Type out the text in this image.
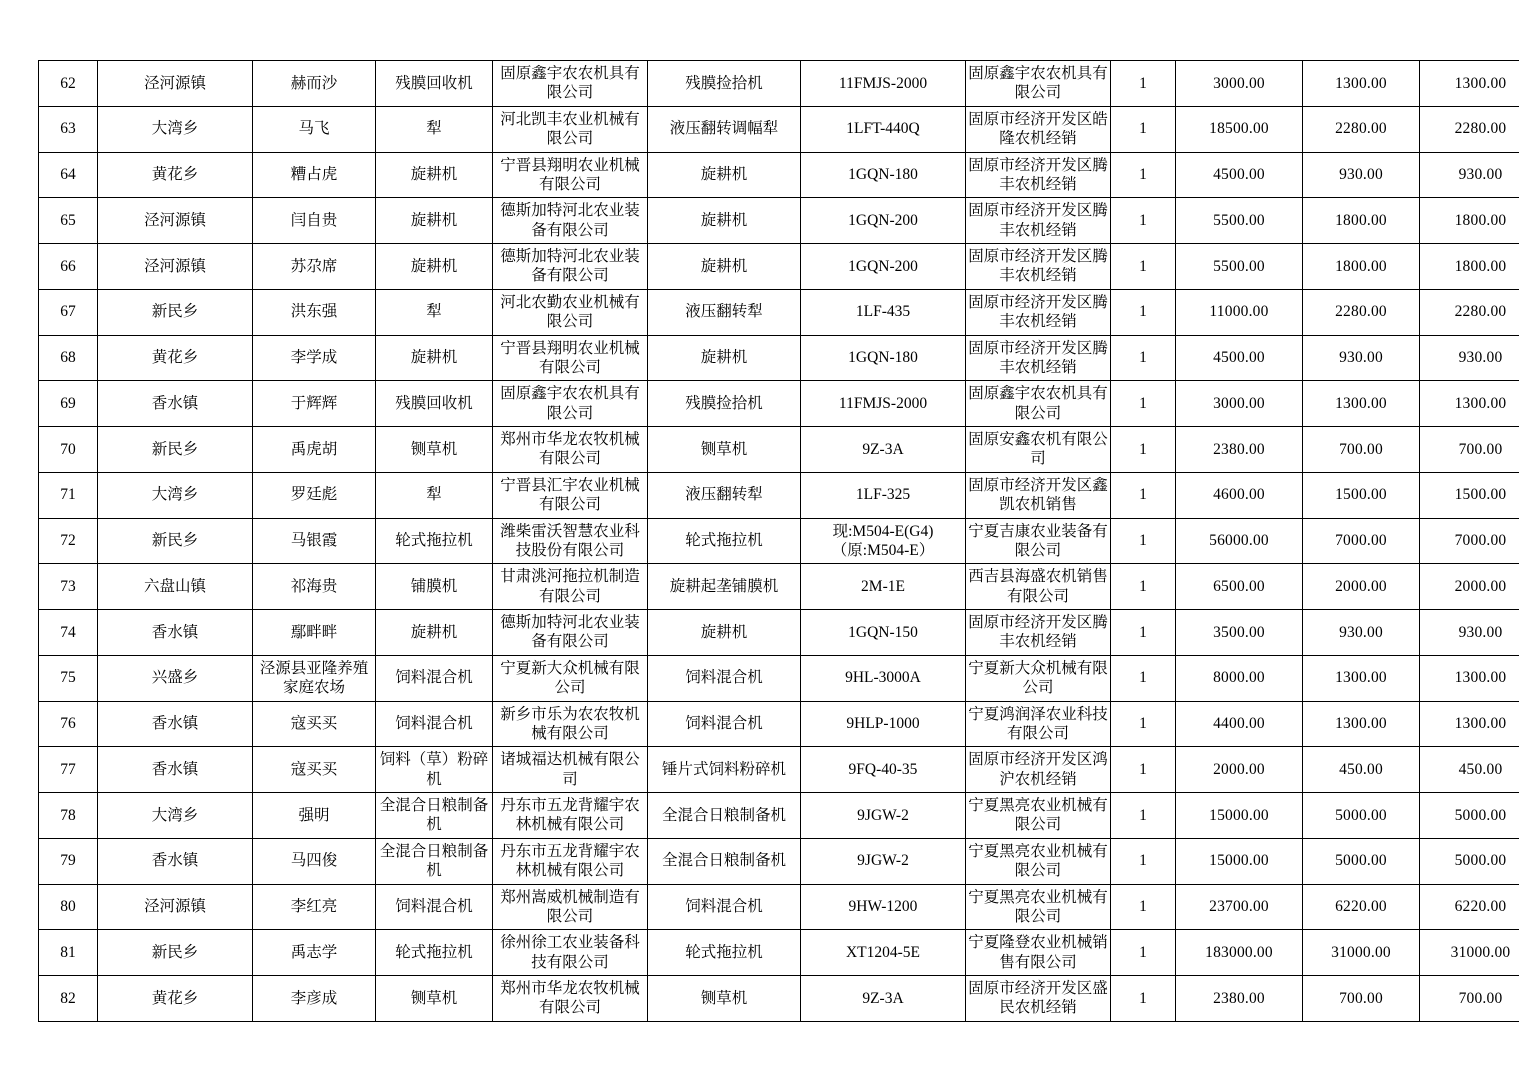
62	泾河源镇	赫而沙	残膜回收机	固原鑫宇农农机具有限公司	残膜捡拾机	11FMJS-2000	固原鑫宇农农机具有限公司	1	3000.00	1300.00	1300.00
63	大湾乡	马飞	犁	河北凯丰农业机械有限公司	液压翻转调幅犁	1LFT-440Q	固原市经济开发区皓隆农机经销	1	18500.00	2280.00	2280.00
64	黄花乡	糟占虎	旋耕机	宁晋县翔明农业机械有限公司	旋耕机	1GQN-180	固原市经济开发区腾丰农机经销	1	4500.00	930.00	930.00
65	泾河源镇	闫自贵	旋耕机	德斯加特河北农业装备有限公司	旋耕机	1GQN-200	固原市经济开发区腾丰农机经销	1	5500.00	1800.00	1800.00
66	泾河源镇	苏尕席	旋耕机	德斯加特河北农业装备有限公司	旋耕机	1GQN-200	固原市经济开发区腾丰农机经销	1	5500.00	1800.00	1800.00
67	新民乡	洪东强	犁	河北农勤农业机械有限公司	液压翻转犁	1LF-435	固原市经济开发区腾丰农机经销	1	11000.00	2280.00	2280.00
68	黄花乡	李学成	旋耕机	宁晋县翔明农业机械有限公司	旋耕机	1GQN-180	固原市经济开发区腾丰农机经销	1	4500.00	930.00	930.00
69	香水镇	于辉辉	残膜回收机	固原鑫宇农农机具有限公司	残膜捡拾机	11FMJS-2000	固原鑫宇农农机具有限公司	1	3000.00	1300.00	1300.00
70	新民乡	禹虎胡	铡草机	郑州市华龙农牧机械有限公司	铡草机	9Z-3A	固原安鑫农机有限公司	1	2380.00	700.00	700.00
71	大湾乡	罗廷彪	犁	宁晋县汇宇农业机械有限公司	液压翻转犁	1LF-325	固原市经济开发区鑫凯农机销售	1	4600.00	1500.00	1500.00
72	新民乡	马银霞	轮式拖拉机	潍柴雷沃智慧农业科技股份有限公司	轮式拖拉机	现:M504-E(G4)（原:M504-E）	宁夏吉康农业装备有限公司	1	56000.00	7000.00	7000.00
73	六盘山镇	祁海贵	铺膜机	甘肃洮河拖拉机制造有限公司	旋耕起垄铺膜机	2M-1E	西吉县海盛农机销售有限公司	1	6500.00	2000.00	2000.00
74	香水镇	鄢畔畔	旋耕机	德斯加特河北农业装备有限公司	旋耕机	1GQN-150	固原市经济开发区腾丰农机经销	1	3500.00	930.00	930.00
75	兴盛乡	泾源县亚隆养殖家庭农场	饲料混合机	宁夏新大众机械有限公司	饲料混合机	9HL-3000A	宁夏新大众机械有限公司	1	8000.00	1300.00	1300.00
76	香水镇	寇买买	饲料混合机	新乡市乐为农农牧机械有限公司	饲料混合机	9HLP-1000	宁夏鸿润泽农业科技有限公司	1	4400.00	1300.00	1300.00
77	香水镇	寇买买	饲料（草）粉碎机	诸城福达机械有限公司	锤片式饲料粉碎机	9FQ-40-35	固原市经济开发区鸿沪农机经销	1	2000.00	450.00	450.00
78	大湾乡	强明	全混合日粮制备机	丹东市五龙背耀宇农林机械有限公司	全混合日粮制备机	9JGW-2	宁夏黑亮农业机械有限公司	1	15000.00	5000.00	5000.00
79	香水镇	马四俊	全混合日粮制备机	丹东市五龙背耀宇农林机械有限公司	全混合日粮制备机	9JGW-2	宁夏黑亮农业机械有限公司	1	15000.00	5000.00	5000.00
80	泾河源镇	李红亮	饲料混合机	郑州嵩威机械制造有限公司	饲料混合机	9HW-1200	宁夏黑亮农业机械有限公司	1	23700.00	6220.00	6220.00
81	新民乡	禹志学	轮式拖拉机	徐州徐工农业装备科技有限公司	轮式拖拉机	XT1204-5E	宁夏隆登农业机械销售有限公司	1	183000.00	31000.00	31000.00
82	黄花乡	李彦成	铡草机	郑州市华龙农牧机械有限公司	铡草机	9Z-3A	固原市经济开发区盛民农机经销	1	2380.00	700.00	700.00
